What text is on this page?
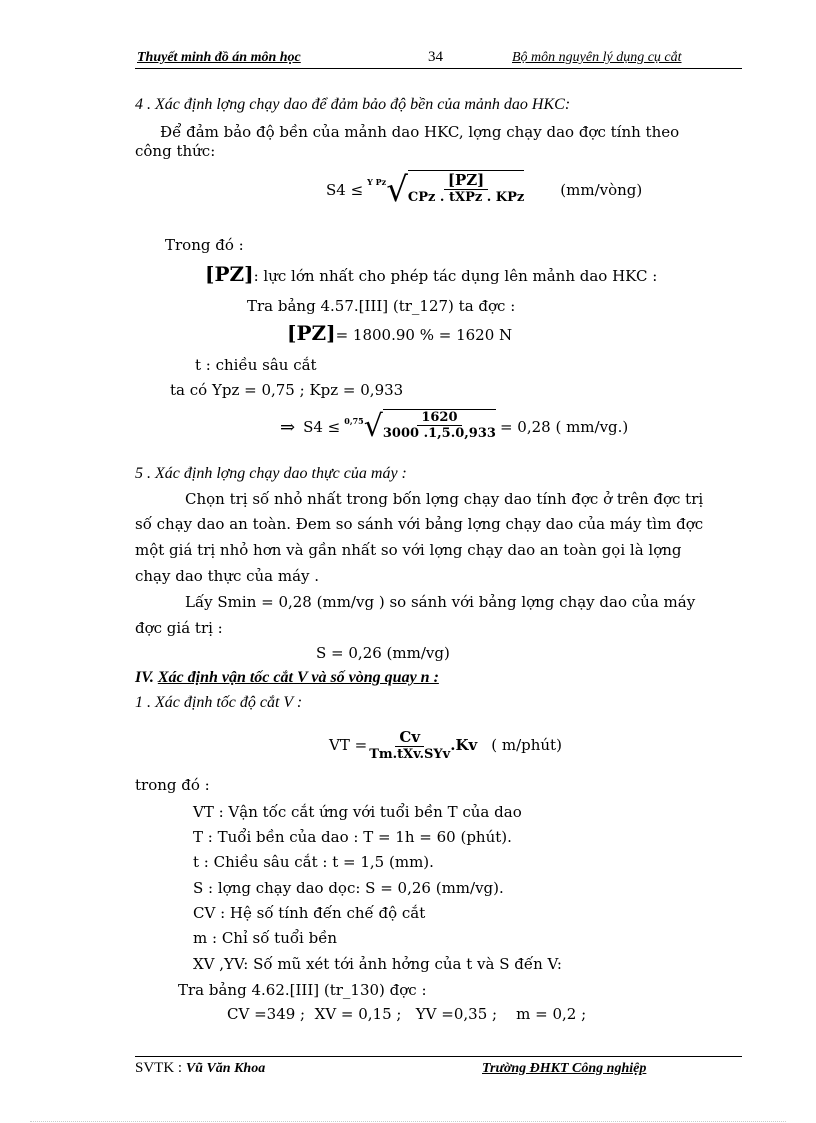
Thuyết minh đồ án môn học	34	Bộ môn nguyên lý dụng cụ cắt
4 . Xác định lợng chạy dao để đảm bảo độ bền của mảnh dao HKC:
Để đảm bảo độ bền của mảnh dao HKC, lợng chạy dao đợc tính theo
công thức:
S4 ≤ Y Pz √ $\frac{[PZ]}{\text{CPz . tXPz . KPz}}$ (mm/vòng)
Trong đó :
[PZ]: lực lớn nhất cho phép tác dụng lên mảnh dao HKC :
Tra bảng 4.57.[III] (tr_127) ta đợc :
[PZ]= 1800.90 % = 1620 N
t : chiều sâu cắt
ta có Ypz = 0,75 ; Kpz = 0,933
⇒ S4 ≤ 0,75 √ $\frac{1620}{3000 .1,5.0,933} = 0,28$ ( mm/vg.)
5 . Xác định lợng chạy dao thực của máy :
Chọn trị số nhỏ nhất trong bốn lợng chạy dao tính đợc ở trên đợc trị
số chạy dao an toàn. Đem so sánh với bảng lợng chạy dao của máy tìm đợc
một giá trị nhỏ hơn và gần nhất so với lợng chạy dao an toàn gọi là lợng
chạy dao thực của máy .
Lấy Smin = 0,28 (mm/vg ) so sánh với bảng lợng chạy dao của máy
đợc giá trị :
S = 0,26 (mm/vg)
IV. Xác định vận tốc cắt V và số vòng quay n :
1 . Xác định tốc độ cắt V :
VT = $\frac{Cv}{\text{Tm.tXv.SYv}} .Kv$ ( m/phút)
trong đó :
VT : Vận tốc cắt ứng với tuổi bền T của dao
T : Tuổi bền của dao : T = 1h = 60 (phút).
t : Chiều sâu cắt : t = 1,5 (mm).
S : lợng chạy dao dọc: S = 0,26 (mm/vg).
CV : Hệ số tính đến chế độ cắt
m : Chỉ số tuổi bền
XV ,YV: Số mũ xét tới ảnh hởng của t và S đến V:
Tra bảng 4.62.[III] (tr_130) đợc :
CV =349 ;  XV = 0,15 ;   YV =0,35 ;    m = 0,2 ;
SVTK : Vũ Văn Khoa	Trường ĐHKT Công nghiệp
